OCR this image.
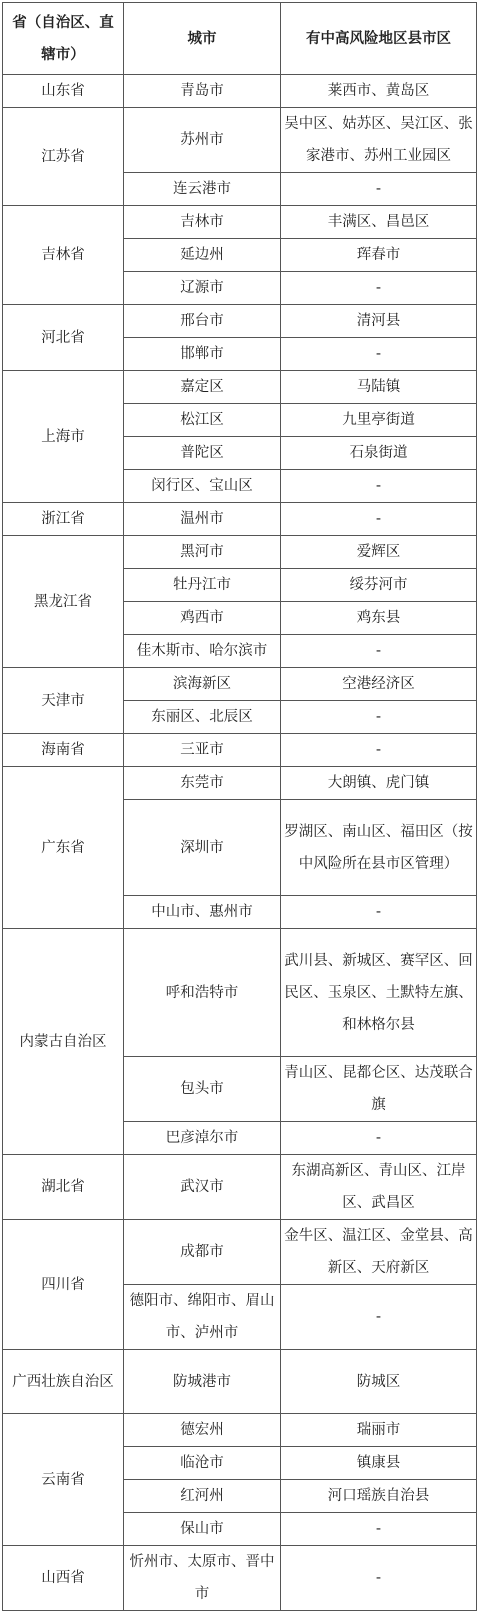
省（自治区、直辖市）	城市	有中高风险地区县市区
山东省	青岛市	莱西市、黄岛区
江苏省	苏州市	吴中区、姑苏区、吴江区、张家港市、苏州工业园区
	连云港市	-
吉林省	吉林市	丰满区、昌邑区
	延边州	珲春市
	辽源市	-
河北省	邢台市	清河县
	邯郸市	-
上海市	嘉定区	马陆镇
	松江区	九里亭街道
	普陀区	石泉街道
	闵行区、宝山区	-
浙江省	温州市	-
黑龙江省	黑河市	爱辉区
	牡丹江市	绥芬河市
	鸡西市	鸡东县
	佳木斯市、哈尔滨市	-
天津市	滨海新区	空港经济区
	东丽区、北辰区	-
海南省	三亚市	-
广东省	东莞市	大朗镇、虎门镇
	深圳市	罗湖区、南山区、福田区（按中风险所在县市区管理）
	中山市、惠州市	-
内蒙古自治区	呼和浩特市	武川县、新城区、赛罕区、回民区、玉泉区、土默特左旗、和林格尔县
	包头市	青山区、昆都仑区、达茂联合旗
	巴彦淖尔市	-
湖北省	武汉市	东湖高新区、青山区、江岸区、武昌区
四川省	成都市	金牛区、温江区、金堂县、高新区、天府新区
	德阳市、绵阳市、眉山市、泸州市	-
广西壮族自治区	防城港市	防城区
云南省	德宏州	瑞丽市
	临沧市	镇康县
	红河州	河口瑶族自治县
	保山市	-
山西省	忻州市、太原市、晋中市	-
